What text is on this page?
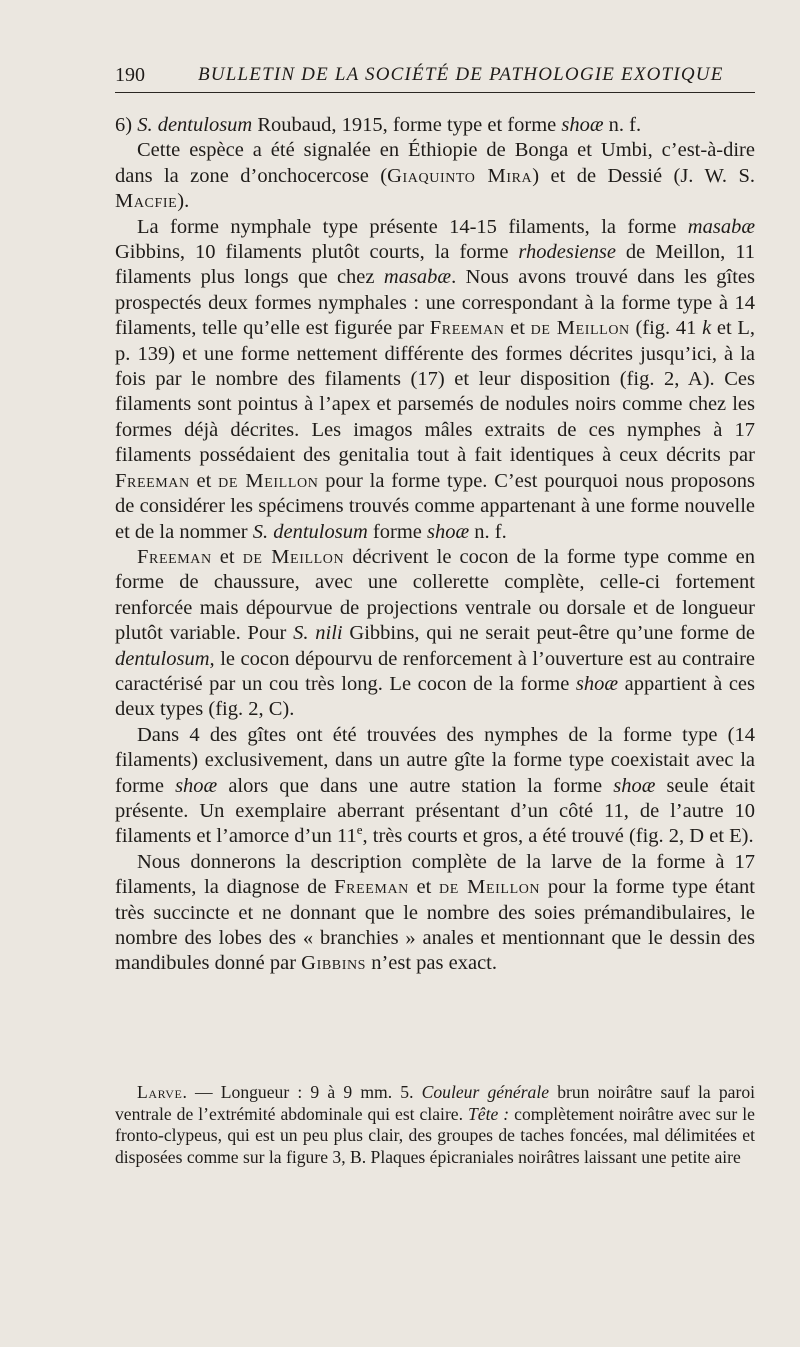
190	BULLETIN DE LA SOCIÉTÉ DE PATHOLOGIE EXOTIQUE

6) S. dentulosum Roubaud, 1915, forme type et forme shoæ n. f.

Cette espèce a été signalée en Éthiopie de Bonga et Umbi, c’est-à-dire dans la zone d’onchocercose (Giaquinto Mira) et de Dessié (J. W. S. Macfie).

La forme nymphale type présente 14-15 filaments, la forme masabæ Gibbins, 10 filaments plutôt courts, la forme rhodesiense de Meillon, 11 filaments plus longs que chez masabæ. Nous avons trouvé dans les gîtes prospectés deux formes nymphales : une correspondant à la forme type à 14 filaments, telle qu’elle est figurée par Freeman et de Meillon (fig. 41 k et L, p. 139) et une forme nettement différente des formes décrites jusqu’ici, à la fois par le nombre des filaments (17) et leur disposition (fig. 2, A). Ces filaments sont pointus à l’apex et parsemés de nodules noirs comme chez les formes déjà décrites. Les imagos mâles extraits de ces nymphes à 17 filaments possédaient des genitalia tout à fait identiques à ceux décrits par Freeman et de Meillon pour la forme type. C’est pourquoi nous proposons de considérer les spécimens trouvés comme appartenant à une forme nouvelle et de la nommer S. dentulosum forme shoæ n. f.

Freeman et de Meillon décrivent le cocon de la forme type comme en forme de chaussure, avec une collerette complète, celle-ci fortement renforcée mais dépourvue de projections ventrale ou dorsale et de longueur plutôt variable. Pour S. nili Gibbins, qui ne serait peut-être qu’une forme de dentulosum, le cocon dépourvu de renforcement à l’ouverture est au contraire caractérisé par un cou très long. Le cocon de la forme shoæ appartient à ces deux types (fig. 2, C).

Dans 4 des gîtes ont été trouvées des nymphes de la forme type (14 filaments) exclusivement, dans un autre gîte la forme type coexistait avec la forme shoæ alors que dans une autre station la forme shoæ seule était présente. Un exemplaire aberrant présentant d’un côté 11, de l’autre 10 filaments et l’amorce d’un 11e, très courts et gros, a été trouvé (fig. 2, D et E).

Nous donnerons la description complète de la larve de la forme à 17 filaments, la diagnose de Freeman et de Meillon pour la forme type étant très succincte et ne donnant que le nombre des soies prémandibulaires, le nombre des lobes des « branchies » anales et mentionnant que le dessin des mandibules donné par Gibbins n’est pas exact.

Larve. — Longueur : 9 à 9 mm. 5. Couleur générale brun noirâtre sauf la paroi ventrale de l’extrémité abdominale qui est claire. Tête : complètement noirâtre avec sur le fronto-clypeus, qui est un peu plus clair, des groupes de taches foncées, mal délimitées et disposées comme sur la figure 3, B. Plaques épicraniales noirâtres laissant une petite aire
